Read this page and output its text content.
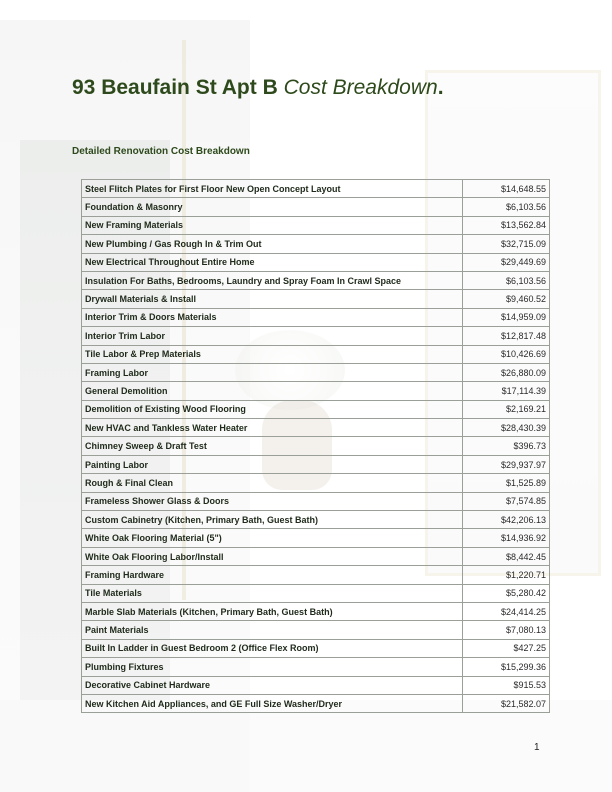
93 Beaufain St Apt B Cost Breakdown.
Detailed Renovation Cost Breakdown
Steel Flitch Plates for First Floor New Open Concept Layout	$14,648.55
Foundation & Masonry	$6,103.56
New Framing Materials	$13,562.84
New Plumbing / Gas Rough In & Trim Out	$32,715.09
New Electrical Throughout Entire Home	$29,449.69
Insulation For Baths, Bedrooms, Laundry and Spray Foam In Crawl Space	$6,103.56
Drywall Materials & Install	$9,460.52
Interior Trim & Doors Materials	$14,959.09
Interior Trim Labor	$12,817.48
Tile Labor & Prep Materials	$10,426.69
Framing Labor	$26,880.09
General Demolition	$17,114.39
Demolition of Existing Wood Flooring	$2,169.21
New HVAC and Tankless Water Heater	$28,430.39
Chimney Sweep & Draft Test	$396.73
Painting Labor	$29,937.97
Rough & Final Clean	$1,525.89
Frameless Shower Glass & Doors	$7,574.85
Custom Cabinetry (Kitchen, Primary Bath, Guest Bath)	$42,206.13
White Oak Flooring Material (5")	$14,936.92
White Oak Flooring Labor/Install	$8,442.45
Framing Hardware	$1,220.71
Tile Materials	$5,280.42
Marble Slab Materials (Kitchen, Primary Bath, Guest Bath)	$24,414.25
Paint Materials	$7,080.13
Built In Ladder in Guest Bedroom 2 (Office Flex Room)	$427.25
Plumbing Fixtures	$15,299.36
Decorative Cabinet Hardware	$915.53
New Kitchen Aid Appliances, and GE Full Size Washer/Dryer	$21,582.07
1
